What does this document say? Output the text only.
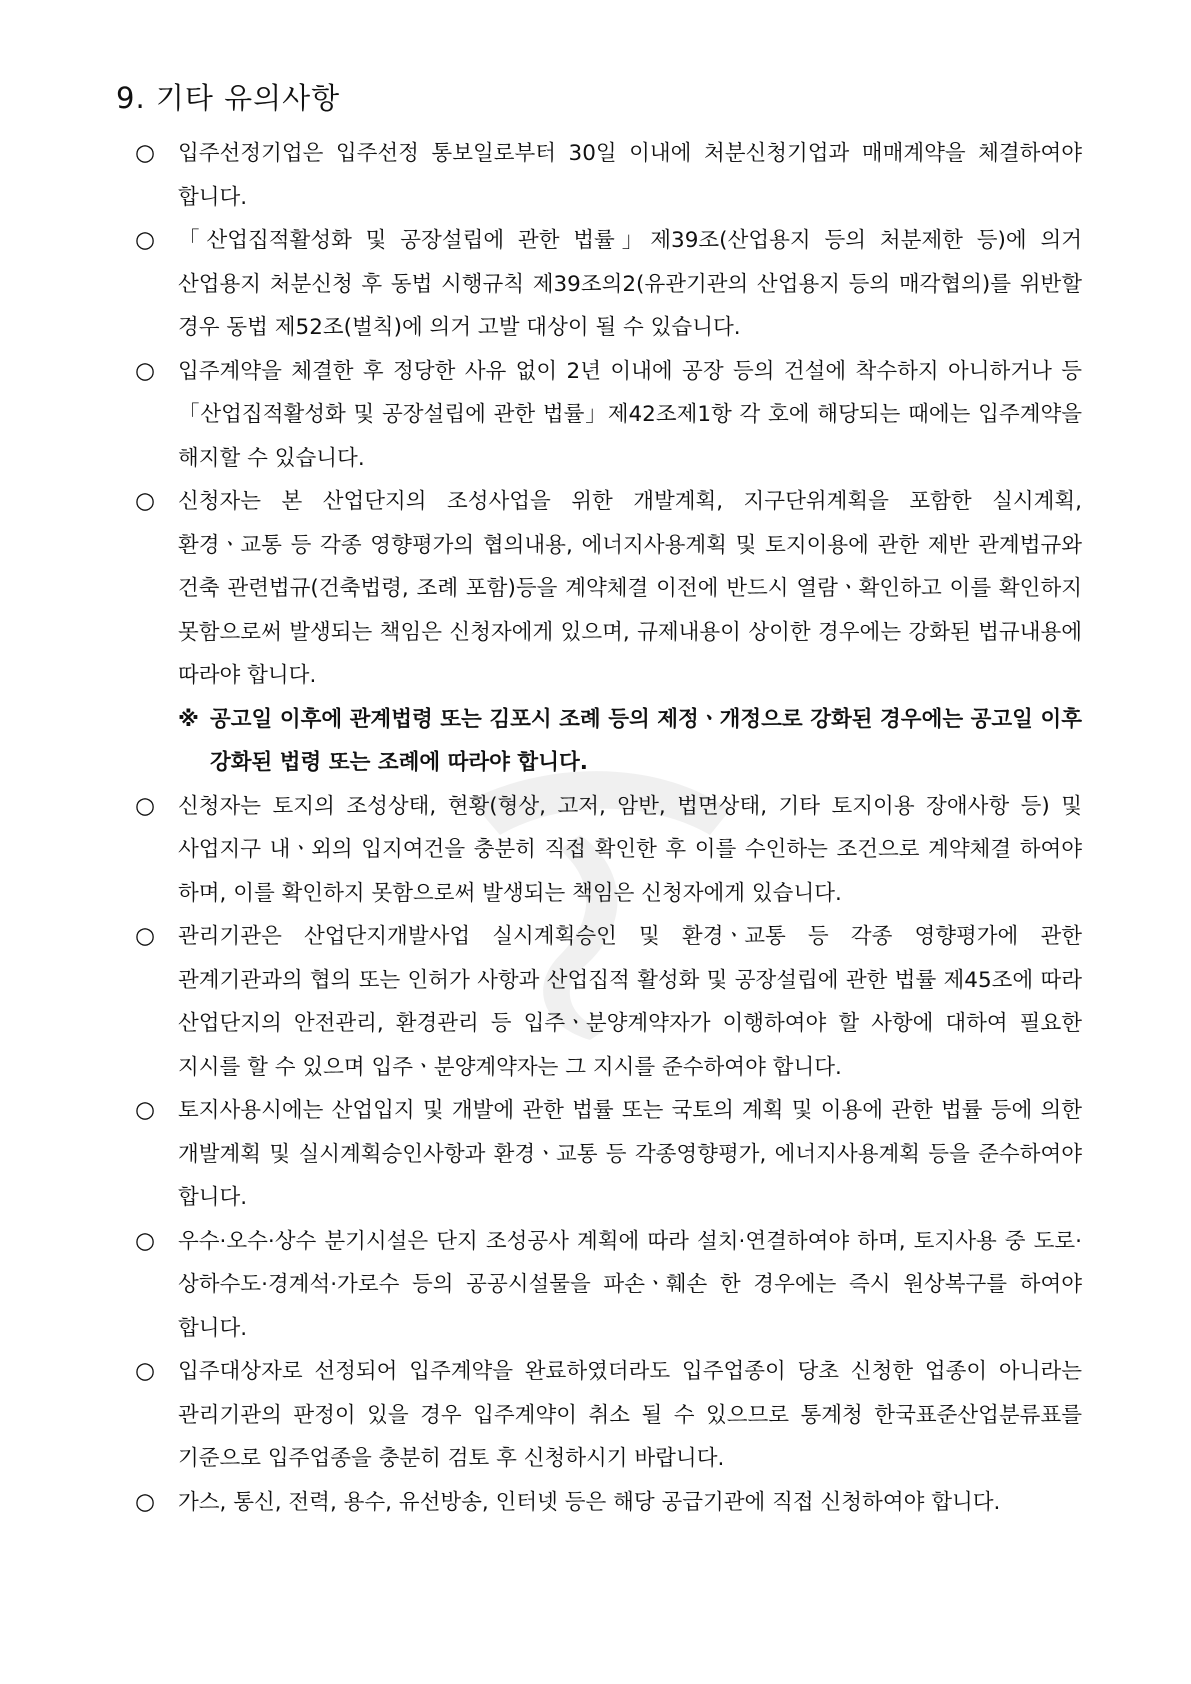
9. 기타 유의사항

○	입주선정기업은 입주선정 통보일로부터 30일 이내에 처분신청기업과 매매계약을 체결하여야 합니다.

○	「산업집적활성화 및 공장설립에 관한 법률」제39조(산업용지 등의 처분제한 등)에 의거 산업용지 처분신청 후 동법 시행규칙 제39조의2(유관기관의 산업용지 등의 매각협의)를 위반할 경우 동법 제52조(벌칙)에 의거 고발 대상이 될 수 있습니다.

○	입주계약을 체결한 후 정당한 사유 없이 2년 이내에 공장 등의 건설에 착수하지 아니하거나 등 「산업집적활성화 및 공장설립에 관한 법률」제42조제1항 각 호에 해당되는 때에는 입주계약을 해지할 수 있습니다.

○	신청자는 본 산업단지의 조성사업을 위한 개발계획, 지구단위계획을 포함한 실시계획, 환경ㆍ교통 등 각종 영향평가의 협의내용, 에너지사용계획 및 토지이용에 관한 제반 관계법규와 건축 관련법규(건축법령, 조례 포함)등을 계약체결 이전에 반드시 열람ㆍ확인하고 이를 확인하지 못함으로써 발생되는 책임은 신청자에게 있으며, 규제내용이 상이한 경우에는 강화된 법규내용에 따라야 합니다.

※ 공고일 이후에 관계법령 또는 김포시 조례 등의 제정ㆍ개정으로 강화된 경우에는 공고일 이후 강화된 법령 또는 조례에 따라야 합니다.

○	신청자는 토지의 조성상태, 현황(형상, 고저, 암반, 법면상태, 기타 토지이용 장애사항 등) 및 사업지구 내ㆍ외의 입지여건을 충분히 직접 확인한 후 이를 수인하는 조건으로 계약체결 하여야 하며, 이를 확인하지 못함으로써 발생되는 책임은 신청자에게 있습니다.

○	관리기관은 산업단지개발사업 실시계획승인 및 환경ㆍ교통 등 각종 영향평가에 관한 관계기관과의 협의 또는 인허가 사항과 산업집적 활성화 및 공장설립에 관한 법률 제45조에 따라 산업단지의 안전관리, 환경관리 등 입주ㆍ분양계약자가 이행하여야 할 사항에 대하여 필요한 지시를 할 수 있으며 입주ㆍ분양계약자는 그 지시를 준수하여야 합니다.

○	토지사용시에는 산업입지 및 개발에 관한 법률 또는 국토의 계획 및 이용에 관한 법률 등에 의한 개발계획 및 실시계획승인사항과 환경ㆍ교통 등 각종영향평가, 에너지사용계획 등을 준수하여야 합니다.

○	우수·오수·상수 분기시설은 단지 조성공사 계획에 따라 설치·연결하여야 하며, 토지사용 중 도로·상하수도·경계석·가로수 등의 공공시설물을 파손ㆍ훼손 한 경우에는 즉시 원상복구를 하여야 합니다.

○	입주대상자로 선정되어 입주계약을 완료하였더라도 입주업종이 당초 신청한 업종이 아니라는 관리기관의 판정이 있을 경우 입주계약이 취소 될 수 있으므로 통계청 한국표준산업분류표를 기준으로 입주업종을 충분히 검토 후 신청하시기 바랍니다.

○	가스, 통신, 전력, 용수, 유선방송, 인터넷 등은 해당 공급기관에 직접 신청하여야 합니다.
